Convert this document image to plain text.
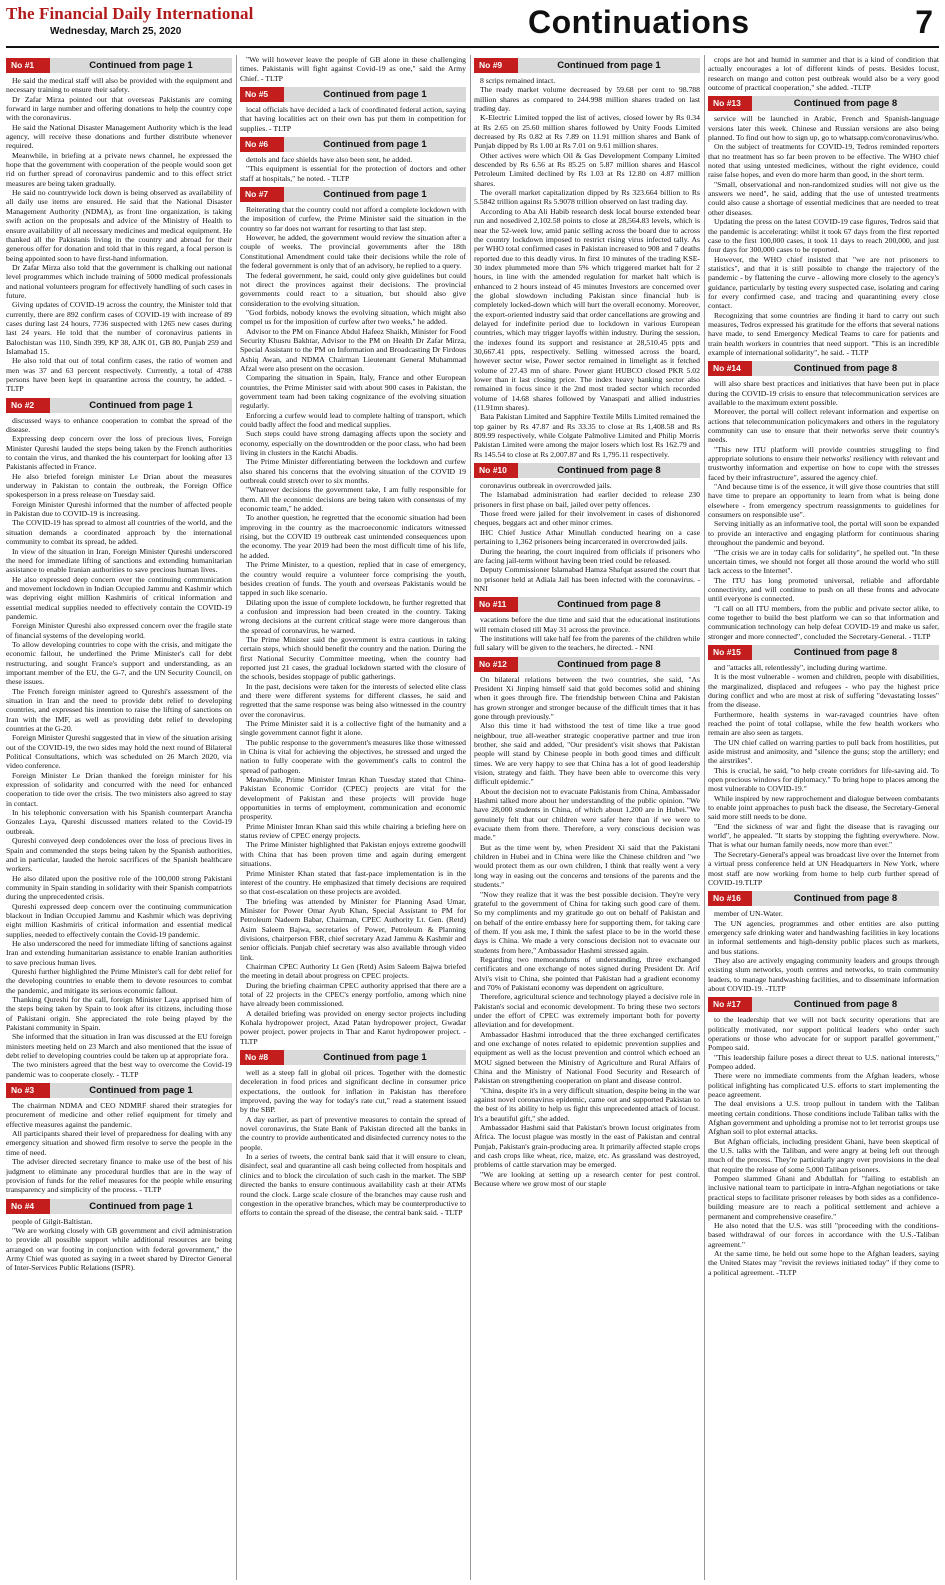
The Financial Daily International
Wednesday, March 25, 2020	Continuations	7
No #1	Continued from page 1

He said the medical staff will also be provided with the equipment and necessary training to ensure their safety.

Dr Zafar Mirza pointed out that overseas Pakistanis are coming forward in large number and offering donations to help the country cope with the coronavirus.

He said the National Disaster Management Authority which is the lead agency, will receive these donations and further distribute whenever required.

Meanwhile, in briefing at a private news channel, he expressed the hope that the government with cooperation of the people would soon get rid on further spread of coronavirus pandemic and to this effect strict measures are being taken gradually.

He said no countrywide lock down is being observed as availability of all daily use items are ensured. He said that the National Disaster Management Authority (NDMA), as front line organization, is taking swift action on the proposals and advice of the Ministry of Health to ensure availability of all necessary medicines and medical equipment. He thanked all the Pakistanis living in the country and abroad for their generous offer for donation and told that in this regard, a focal person is being appointed soon to have first-hand information.

Dr Zafar Mirza also told that the government is chalking out national level programmes which include training of 5000 medical professionals and national volunteers program for effectively handling of such cases in future.

Giving updates of COVID-19 across the country, the Minister told that currently, there are 892 confirm cases of COVID-19 with increase of 89 cases during last 24 hours, 7736 suspected with 1265 new cases during last 24 years. He told that the number of coronavirus patients in Balochistan was 110, Sindh 399, KP 38, AJK 01, GB 80, Punjab 259 and Islamabad 15.

He also told that out of total confirm cases, the ratio of women and men was 37 and 63 percent respectively. Currently, a total of 4788 persons have been kept in quarantine across the country, he added. - TLTP

No #2	Continued from page 1

discussed ways to enhance cooperation to combat the spread of the disease.

Expressing deep concern over the loss of precious lives, Foreign Minister Qureshi lauded the steps being taken by the French authorities to contain the virus, and thanked the his counterpart for looking after 13 Pakistanis affected in France.

He also briefed foreign minister Le Drian about the measures underway in Pakistan to contain the outbreak, the Foreign Office spokesperson in a press release on Tuesday said.

Foreign Minister Qureshi informed that the number of affected people in Pakistan due to COVID-19 is increasing.

The COVID-19 has spread to almost all countries of the world, and the situation demands a coordinated approach by the international community to combat its spread, he added.

In view of the situation in Iran, Foreign Minister Qureshi underscored the need for immediate lifting of sanctions and extending humanitarian assistance to enable Iranian authorities to save precious human lives.

He also expressed deep concern over the continuing communication and movement lockdown in Indian Occupied Jammu and Kashmir which was depriving eight million Kashmiris of critical information and essential medical supplies needed to effectively contain the COVID-19 pandemic.

Foreign Minister Qureshi also expressed concern over the fragile state of financial systems of the developing world.

To allow developing countries to cope with the crisis, and mitigate the economic fallout, he underlined the Prime Minister's call for debt restructuring, and sought France's support and understanding, as an important member of the EU, the G-7, and the UN Security Council, on these issues.

The French foreign minister agreed to Qureshi's assessment of the situation in Iran and the need to provide debt relief to developing countries, and expressed his intention to raise the lifting of sanctions on Iran with the IMF, as well as providing debt relief to developing countries at the G-20.

Foreign Minister Qureshi suggested that in view of the situation arising out of the COVID-19, the two sides may hold the next round of Bilateral Political Consultations, which was scheduled on 26 March 2020, via video conference.

Foreign Minister Le Drian thanked the foreign minister for his expression of solidarity and concurred with the need for enhanced cooperation to tide over the crisis. The two ministers also agreed to stay in contact.

In his telephonic conversation with his Spanish counterpart Arancha Gonzales Laya, Qureshi discussed matters related to the Covid-19 outbreak.

Qureshi conveyed deep condolences over the loss of precious lives in Spain and commended the steps being taken by the Spanish authorities, and in particular, lauded the heroic sacrifices of the Spanish healthcare workers.

He also dilated upon the positive role of the 100,000 strong Pakistani community in Spain standing in solidarity with their Spanish compatriots during the unprecedented crisis.

Qureshi expressed deep concern over the continuing communication blackout in Indian Occupied Jammu and Kashmir which was depriving eight million Kashmiris of critical information and essential medical supplies, needed to effectively contain the Covid-19 pandemic.

He also underscored the need for immediate lifting of sanctions against Iran and extending humanitarian assistance to enable Iranian authorities to save precious human lives.

Qureshi further highlighted the Prime Minister's call for debt relief for the developing countries to enable them to devote resources to combat the pandemic, and mitigate its serious economic fallout.

Thanking Qureshi for the call, foreign Minister Laya apprised him of the steps being taken by Spain to look after its citizens, including those of Pakistani origin. She appreciated the role being played by the Pakistani community in Spain.

She informed that the situation in Iran was discussed at the EU foreign ministers meeting held on 23 March and also mentioned that the issue of debt relief to developing countries could be taken up at appropriate fora.

The two ministers agreed that the best way to overcome the Covid-19 pandemic was to cooperate closely. - TLTP

No #3	Continued from page 1

The chairman NDMA and CEO NDMRF shared their strategies for procurement of medicine and other relief equipment for timely and effective measures against the pandemic.

All participants shared their level of preparedness for dealing with any emergency situation and showed firm resolve to serve the people in the time of need.

The adviser directed secretary finance to make use of the best of his judgment to eliminate any procedural hurdles that are in the way of provision of funds for the relief measures for the people while ensuring transparency and simplicity of the process. - TLTP

No #4	Continued from page 1

people of Gilgit-Baltistan.

"We are working closely with GB government and civil administration to provide all possible support while additional resources are being arranged on war footing in conjunction with federal government," the Army Chief was quoted as saying in a tweet shared by Director General of Inter-Services Public Relations (ISPR).

"We will however leave the people of GB alone in these challenging times. Pakistanis will fight against Covid-19 as one," said the Army Chief. - TLTP

No #5	Continued from page 1

local officials have decided a lack of coordinated federal action, saying that having localities act on their own has put them in competition for supplies. - TLTP

No #6	Continued from page 1

dettols and face shields have also been sent, he added.

"This equipment is essential for the protection of doctors and other staff at hospitals," he noted. - TLTP

No #7	Continued from page 1

Reiterating that the country could not afford a complete lockdown with the imposition of curfew, the Prime Minister said the situation in the country so far does not warrant for resorting to that last step.

However, he added, the government would review the situation after a couple of weeks. The provincial governments after the 18th Constitutional Amendment could take their decisions while the role of the federal government is only that of an advisory, he replied to a query.

The federal government, he said, could only give guidelines but could not direct the provinces against their decisions. The provincial governments could react to a situation, but should also give consideration to the evolving situation.

"God forbids, nobody knows the evolving situation, which might also compel us for the imposition of curfew after two weeks," he added.

Advisor to the PM on Finance Abdul Hafeez Shaikh, Minister for Food Security Khusru Bakhtar, Advisor to the PM on Health Dr Zafar Mirza, Special Assistant to the PM on Information and Broadcasting Dr Firdous Ashiq Awan, and NDMA Chairman Lieutenant General Muhammad Afzal were also present on the occasion.

Comparing the situation in Spain, Italy, France and other European countries, the Prime Minister said with about 900 cases in Pakistan, the government team had been taking cognizance of the evolving situation regularly.

Enforcing a curfew would lead to complete halting of transport, which could badly affect the food and medical supplies.

Such steps could have strong damaging affects upon the society and economy, especially on the downtrodden or the poor class, who had been living in clusters in the Katchi Abadis.

The Prime Minister differentiating between the lockdown and curfew also shared his concerns that the evolving situation of the COVID 19 outbreak could stretch over to six months.

"Whatever decisions the government take, I am fully responsible for them. All the economic decisions are being taken with consensus of my economic team," he added.

To another question, he regretted that the economic situation had been improving in the country as the macroeconomic indicators witnessed rising, but the COVID 19 outbreak cast unintended consequences upon the economy. The year 2019 had been the most difficult time of his life, he added.

The Prime Minister, to a question, replied that in case of emergency, the country would require a volunteer force comprising the youth, besides creation of funds. The youth and overseas Pakistanis would be tapped in such like scenario.

Dilating upon the issue of complete lockdown, he further regretted that a confusion and impression had been created in the country. Taking wrong decisions at the current critical stage were more dangerous than the spread of coronavirus, he warned.

The Prime Minister said the government is extra cautious in taking certain steps, which should benefit the country and the nation. During the first National Security Committee meeting, when the country had reported just 21 cases, the gradual lockdown started with the closure of the schools, besides stoppage of public gatherings.

In the past, decisions were taken for the interests of selected elite class and there were different systems for different classes, he said and regretted that the same response was being also witnessed in the country over the coronavirus.

The Prime Minister said it is a collective fight of the humanity and a single government cannot fight it alone.

The public response to the government's measures like those witnessed in China is vital for achieving the objectives, he stressed and urged the nation to fully cooperate with the government's calls to control the spread of pathogen.

Meanwhile, Prime Minister Imran Khan Tuesday stated that China-Pakistan Economic Corridor (CPEC) projects are vital for the development of Pakistan and these projects will provide huge opportunities in terms of employment, communication and economic prosperity.

Prime Minister Imran Khan said this while chairing a briefing here on status review of CPEC energy projects.

The Prime Minister highlighted that Pakistan enjoys extreme goodwill with China that has been proven time and again during emergent situations.

Prime Minister Khan stated that fast-pace implementation is in the interest of the country. He emphasized that timely decisions are required so that cost-escalation on these projects are avoided.

The briefing was attended by Minister for Planning Asad Umar, Minister for Power Omar Ayub Khan, Special Assistant to PM for Petroleum Nadeem Babar, Chairman, CPEC Authority Lt. Gen. (Retd) Asim Saleem Bajwa, secretaries of Power, Petroleum & Planning divisions, chairperson FBR, chief secretary Azad Jammu & Kashmir and senior officials. Punjab chief secretary was also available through video link.

Chairman CPEC Authority Lt Gen (Retd) Asim Saleem Bajwa briefed the meeting in detail about progress on CPEC projects.

During the briefing chairman CPEC authority apprised that there are a total of 22 projects in the CPEC's energy portfolio, among which nine have already been commissioned.

A detailed briefing was provided on energy sector projects including Kohala hydropower project, Azad Patan hydropower project, Gwadar power project, power projects in Thar and Karot hydropower project. - TLTP

No #8	Continued from page 1

well as a steep fall in global oil prices. Together with the domestic deceleration in food prices and significant decline in consumer price expectations, the outlook for inflation in Pakistan has therefore improved, paving the way for today's rate cut," read a statement issued by the SBP.

A day earlier, as part of preventive measures to contain the spread of novel coronavirus, the State Bank of Pakistan directed all the banks in the country to provide authenticated and disinfected currency notes to the people.

In a series of tweets, the central bank said that it will ensure to clean, disinfect, seal and quarantine all cash being collected from hospitals and clinics and to block the circulation of such cash in the market. The SBP directed the banks to ensure continuous availability cash at their ATMs round the clock. Large scale closure of the branches may cause rush and congestion in the operative branches, which may be counterproductive to efforts to contain the spread of the disease, the central bank said. - TLTP

No #9	Continued from page 1

8 scrips remained intact.

The ready market volume decreased by 59.68 per cent to 98.788 million shares as compared to 244.998 million shares traded on last trading day.

K-Electric Limited topped the list of actives, closed lower by Rs 0.34 at Rs 2.65 on 25.60 million shares followed by Unity Foods Limited decreased by Rs 0.82 at Rs 7.89 on 11.91 million shares and Bank of Punjab dipped by Rs 1.00 at Rs 7.01 on 9.61 million shares.

Other actives were which Oil & Gas Development Company Limited descended by Rs 6.56 at Rs 85.25 on 5.87 million shares and Hascol Petroleum Limited declined by Rs 1.03 at Rs 12.80 on 4.87 million shares.

The overall market capitalization dipped by Rs 323.664 billion to Rs 5.5842 trillion against Rs 5.9078 trillion observed on last trading day.

According to Aba Ali Habib research desk local bourse extended bear run and nosedived 2,102.58 points to close at 28,564.83 levels, which is near the 52-week low, amid panic selling across the board due to across the country lockdown imposed to restrict rising virus infected tally. As per WHO total confirmed cases in Pakistan increased to 908 and 7 deaths reported due to this deadly virus. In first 10 minutes of the trading KSE-30 index plummeted more than 5% which triggered market halt for 2 hours, in line with the amended regulation for market halt which is enhanced to 2 hours instead of 45 minutes Investors are concerned over the global slowdown including Pakistan since financial hub is completely locked-down which will hurt the overall economy. Moreover, the export-oriented industry said that order cancellations are growing and delayed for indefinite period due to lockdown in various European countries, which may trigger layoffs within industry. During the session, the indexes found its support and resistance at 28,510.45 ppts and 30,667.41 ppts, respectively. Selling witnessed across the board, however sector wise, Power sector remained in limelight as it fetched volume of 27.43 mn of share. Power giant HUBCO closed PKR 5.02 lower than it last closing price. The index heavy banking sector also remained in focus since it the 2nd most traded sector which recorded volume of 14.68 shares followed by Vanaspati and allied industries (11.91mn shares).

Bata Pakistan Limited and Sapphire Textile Mills Limited remained the top gainer by Rs 47.87 and Rs 33.35 to close at Rs 1,408.58 and Rs 809.99 respectively, while Colgate Palmolive Limited and Philip Morris Pakistan Limited were among the major losers which lost Rs 162.79 and Rs 145.54 to close at Rs 2,007.87 and Rs 1,795.11 respectively.

No #10	Continued from page 8

coronavirus outbreak in overcrowded jails.

The Islamabad administration had earlier decided to release 230 prisoners in first phase on bail, jailed over petty offences.

Those freed were jailed for their involvement in cases of dishonored cheques, beggars act and other minor crimes.

IHC Chief Justice Athar Minullah conducted hearing on a case pertaining to 1,362 prisoners being incarcerated in overcrowded jails.

During the hearing, the court inquired from officials if prisoners who are facing jail-term without having been tried could be released.

Deputy Commissioner Islamabad Hamza Shafqat assured the court that no prisoner held at Adiala Jail has been infected with the coronavirus. - NNI

No #11	Continued from page 8

vacations before the due time and said that the educational institutions will remain closed till May 31 across the province.

The institutions will take half fee from the parents of the children while full salary will be given to the teachers, he directed. - NNI

No #12	Continued from page 8

On bilateral relations between the two countries, she said, "As President Xi Jinping himself said that gold becomes solid and shining when it goes through fire. The friendship between China and Pakistan has grown stronger and stronger because of the difficult times that it has gone through previously."

Also this time it had withstood the test of time like a true good neighbour, true all-weather strategic cooperative partner and true iron brother, she said and added, "Our president's visit shows that Pakistan people will stand by Chinese people in both good times and difficult times. We are very happy to see that China has a lot of good leadership vision, strategy and faith. They have been able to overcome this very difficult epidemic."

About the decision not to evacuate Pakistanis from China, Ambassador Hashmi talked more about her understanding of the public opinion. "We have 28,000 students in China, of which about 1,200 are in Hubei."We genuinely felt that our children were safer here than if we were to evacuate them from there. Therefore, a very conscious decision was made."

But as the time went by, when President Xi said that the Pakistani children in Hubei and in China were like the Chinese children and "we would protect them as our own children, I think that really went a very long way in easing out the concerns and tensions of the parents and the students."

"Now they realize that it was the best possible decision. They're very grateful to the government of China for taking such good care of them. So my compliments and my gratitude go out on behalf of Pakistan and on behalf of the entire embassy here for supporting them, for taking care of them. If you ask me, I think the safest place to be in the world these days is China. We made a very conscious decision not to evacuate our students from here," Ambassador Hashmi stressed again.

Regarding two memorandums of understanding, three exchanged certificates and one exchange of notes signed during President Dr. Arif Alvi's visit to China, she pointed that Pakistan had a gradient economy and 70% of Pakistani economy was dependent on agriculture.

Therefore, agricultural science and technology played a decisive role in Pakistan's social and economic development. To bring these two sectors under the effort of CPEC was extremely important both for poverty alleviation and for development.

Ambassador Hashmi introduced that the three exchanged certificates and one exchange of notes related to epidemic prevention supplies and equipment as well as the locust prevention and control which echoed an MOU signed between the Ministry of Agriculture and Rural Affairs of China and the Ministry of National Food Security and Research of Pakistan on strengthening cooperation on plant and disease control.

"China, despite it's in a very difficult situation, despite being in the war against novel coronavirus epidemic, came out and supported Pakistan to the best of its ability to help us fight this unprecedented attack of locust. It's a beautiful gift," she added.

Ambassador Hashmi said that Pakistan's brown locust originates from Africa. The locust plague was mostly in the east of Pakistan and central Punjab, Pakistan's grain-producing area. It primarily affected staple crops and cash crops like wheat, rice, maize, etc. As grassland was destroyed, problems of cattle starvation may be emerged.

"We are looking at setting up a research center for pest control. Because where we grow most of our staple

crops are hot and humid in summer and that is a kind of condition that actually encourages a lot of different kinds of pests. Besides locust, research on mango and cotton pest outbreak would also be a very good outcome of practical cooperation," she added. -TLTP

No #13	Continued from page 8

service will be launched in Arabic, French and Spanish-language versions later this week. Chinese and Russian versions are also being planned. To find out how to sign up, go to whatsapp.com/coronavirus/who.

On the subject of treatments for COVID-19, Tedros reminded reporters that no treatment has so far been proven to be effective. The WHO chief noted that using untested medicines, without the right evidence, could raise false hopes, and even do more harm than good, in the short term.

"Small, observational and non-randomized studies will not give us the answers we need", he said, adding that the use of untested treatments could also cause a shortage of essential medicines that are needed to treat other diseases.

Updating the press on the latest COVID-19 case figures, Tedros said that the pandemic is accelerating: whilst it took 67 days from the first reported case to the first 100,000 cases, it took 11 days to reach 200,000, and just four days for 300,000 cases to be reported.

However, the WHO chief insisted that "we are not prisoners to statistics", and that it is still possible to change the trajectory of the pandemic - by flattening the curve - allowing more closely to the agency's guidance, particularly by testing every suspected case, isolating and caring for every confirmed case, and tracing and quarantining every close contact.

Recognizing that some countries are finding it hard to carry out such measures, Tedros expressed his gratitude for the efforts that several nations have made, to send Emergency Medical Teams to care for patients and train health workers in countries that need support. "This is an incredible example of international solidarity", he said. - TLTP

No #14	Continued from page 8

will also share best practices and initiatives that have been put in place during the COVID-19 crisis to ensure that telecommunication services are available to the maximum extent possible.

Moreover, the portal will collect relevant information and expertise on actions that telecommunication policymakers and others in the regulatory community can use to ensure that their networks serve their country's needs.

"This new ITU platform will provide countries struggling to find appropriate solutions to ensure their networks' resiliency with relevant and trustworthy information and expertise on how to cope with the stresses faced by their infrastructure", assured the agency chief.

"And because time is of the essence, it will give those countries that still have time to prepare an opportunity to learn from what is being done elsewhere - from emergency spectrum reassignments to guidelines for consumers on responsible use".

Serving initially as an informative tool, the portal will soon be expanded to provide an interactive and engaging platform for continuous sharing throughout the pandemic and beyond.

"The crisis we are in today calls for solidarity", he spelled out. "In these uncertain times, we should not forget all those around the world who still lack access to the Internet".

The ITU has long promoted universal, reliable and affordable connectivity, and will continue to push on all these fronts and advocate until everyone is connected.

"I call on all ITU members, from the public and private sector alike, to come together to build the best platform we can so that information and communication technology can help defeat COVID-19 and make us safer, stronger and more connected", concluded the Secretary-General. - TLTP

No #15	Continued from page 8

and "attacks all, relentlessly", including during wartime.

It is the most vulnerable - women and children, people with disabilities, the marginalized, displaced and refugees - who pay the highest price during conflict and who are most at risk of suffering "devastating losses" from the disease.

Furthermore, health systems in war-ravaged countries have often reached the point of total collapse, while the few health workers who remain are also seen as targets.

The UN chief called on warring parties to pull back from hostilities, put aside mistrust and animosity, and "silence the guns; stop the artillery; end the airstrikes".

This is crucial, he said, "to help create corridors for life-saving aid. To open precious windows for diplomacy." To bring hope to places among the most vulnerable to COVID-19."

While inspired by new rapprochement and dialogue between combatants to enable joint approaches to push back the disease, the Secretary-General said more still needs to be done.

"End the sickness of war and fight the disease that is ravaging our world", he appealed. "It starts by stopping the fighting everywhere. Now. That is what our human family needs, now more than ever."

The Secretary-General's appeal was broadcast live over the Internet from a virtual press conference held at UN Headquarters in New York, where most staff are now working from home to help curb further spread of COVID-19.TLTP

No #16	Continued from page 8

member of UN-Water.

The UN agencies, programmes and other entities are also putting emergency safe drinking water and handwashing facilities in key locations in informal settlements and high-density public places such as markets, and bus stations.

They also are actively engaging community leaders and groups through existing slum networks, youth centres and networks, to train community leaders, to manage handwashing facilities, and to disseminate information about COVID-19. -TLTP

No #17	Continued from page 8

to the leadership that we will not back security operations that are politically motivated, nor support political leaders who order such operations or those who advocate for or support parallel government," Pompeo said.

"This leadership failure poses a direct threat to U.S. national interests," Pompeo added.

There were no immediate comments from the Afghan leaders, whose political infighting has complicated U.S. efforts to start implementing the peace agreement.

The deal envisions a U.S. troop pullout in tandem with the Taliban meeting certain conditions. Those conditions include Taliban talks with the Afghan government and upholding a promise not to let terrorist groups use Afghan soil to plot external attacks.

But Afghan officials, including president Ghani, have been skeptical of the U.S. talks with the Taliban, and were angry at being left out through much of the process. They're particularly angry over provisions in the deal that require the release of some 5,000 Taliban prisoners.

Pompeo slammed Ghani and Abdullah for "failing to establish an inclusive national team to participate in intra-Afghan negotiations or take practical steps to facilitate prisoner releases by both sides as a confidence-building measure are to reach a political settlement and achieve a permanent and comprehensive ceasefire."

He also noted that the U.S. was still "proceeding with the conditions-based withdrawal of our forces in accordance with the U.S.-Taliban agreement."

At the same time, he held out some hope to the Afghan leaders, saying the United States may "revisit the reviews initiated today" if they come to a political agreement. -TLTP
